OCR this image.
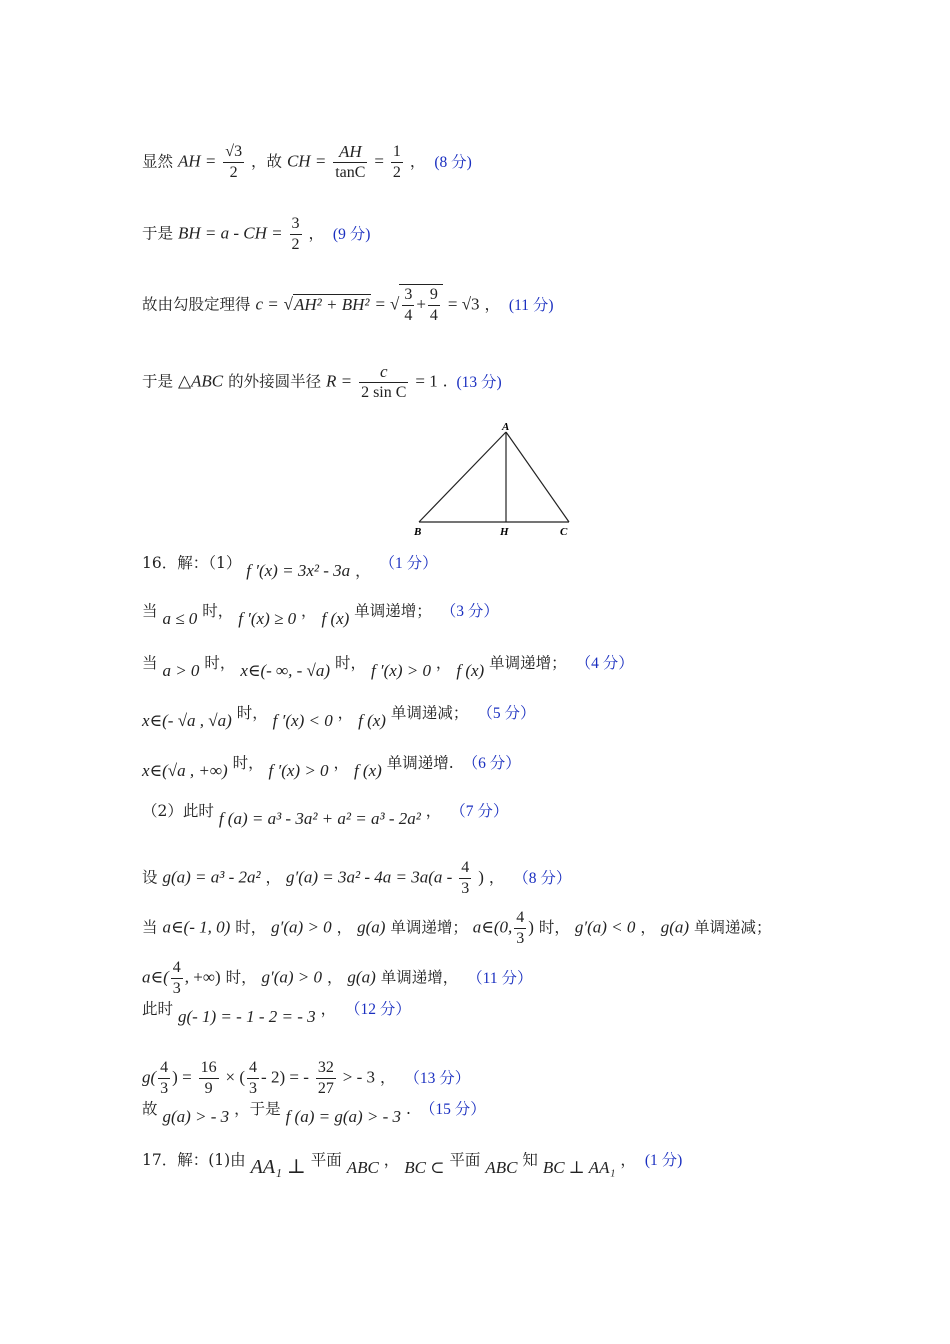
显然 AH = $\frac{√3}{2}$ ，故 CH = $\frac{AH}{\tan C} = \frac{1}{2}$ ， (8 分)
于是 BH = a - CH = $\frac{3}{2}$ ， (9 分)
故由勾股定理得 c = √AH² + BH² = √ $\frac{3}{4} + \frac{9}{4} = √3$ ， (11 分)
于是 △ABC 的外接圆半径 $R = \frac{c}{\text{2 sin C}} = 1$ . (13 分)
A
B	H	C
16．解：（1） f ′(x) = 3x² - 3a ， （1 分）
当 a ≤ 0 时， f ′(x) ≥ 0 ， f (x) 单调递增； （3 分）
当 a > 0 时， x∈(- ∞, - √a) 时， f ′(x) > 0 ， f (x) 单调递增； （4 分）
x∈(- √a , √a) 时， f ′(x) < 0 ， f (x) 单调递减； （5 分）
x∈(√a , +∞) 时， f ′(x) > 0 ， f (x) 单调递增. （6 分）
（2）此时 f (a) = a³ - 3a² + a² = a³ - 2a² ， （7 分）
设 g(a) = a³ - 2a² ， $g'(a) = 3a^2 - 4a = 3a(a - \frac{4}{3}$ ) ， （8 分）
当 a∈(- 1, 0) 时， g′(a) > 0 ， g(a) 单调递增； a∈(0, $\frac{4}{3}$ ) 时， g′(a) < 0 ， g(a) 单调递减；
a∈( $\frac{4}{3}$ , +∞) 时， g′(a) > 0 ， g(a) 单调递增， （11 分）
此时 g(- 1) = - 1 - 2 = - 3 ， （12 分）
$g( \frac{4}{3}$ ) = $\frac{16}{9}$ × ( $\frac{4}{3} - 2$) = - $\frac{32}{27}$ > - 3 ， （13 分）
故 g(a) > - 3 ，于是 f (a) = g(a) > - 3 . （15 分）
17．解：(1)由 AA₁ ⊥ 平面 ABC ， BC ⊂ 平面 ABC 知 BC ⊥ AA₁ ， (1 分)
